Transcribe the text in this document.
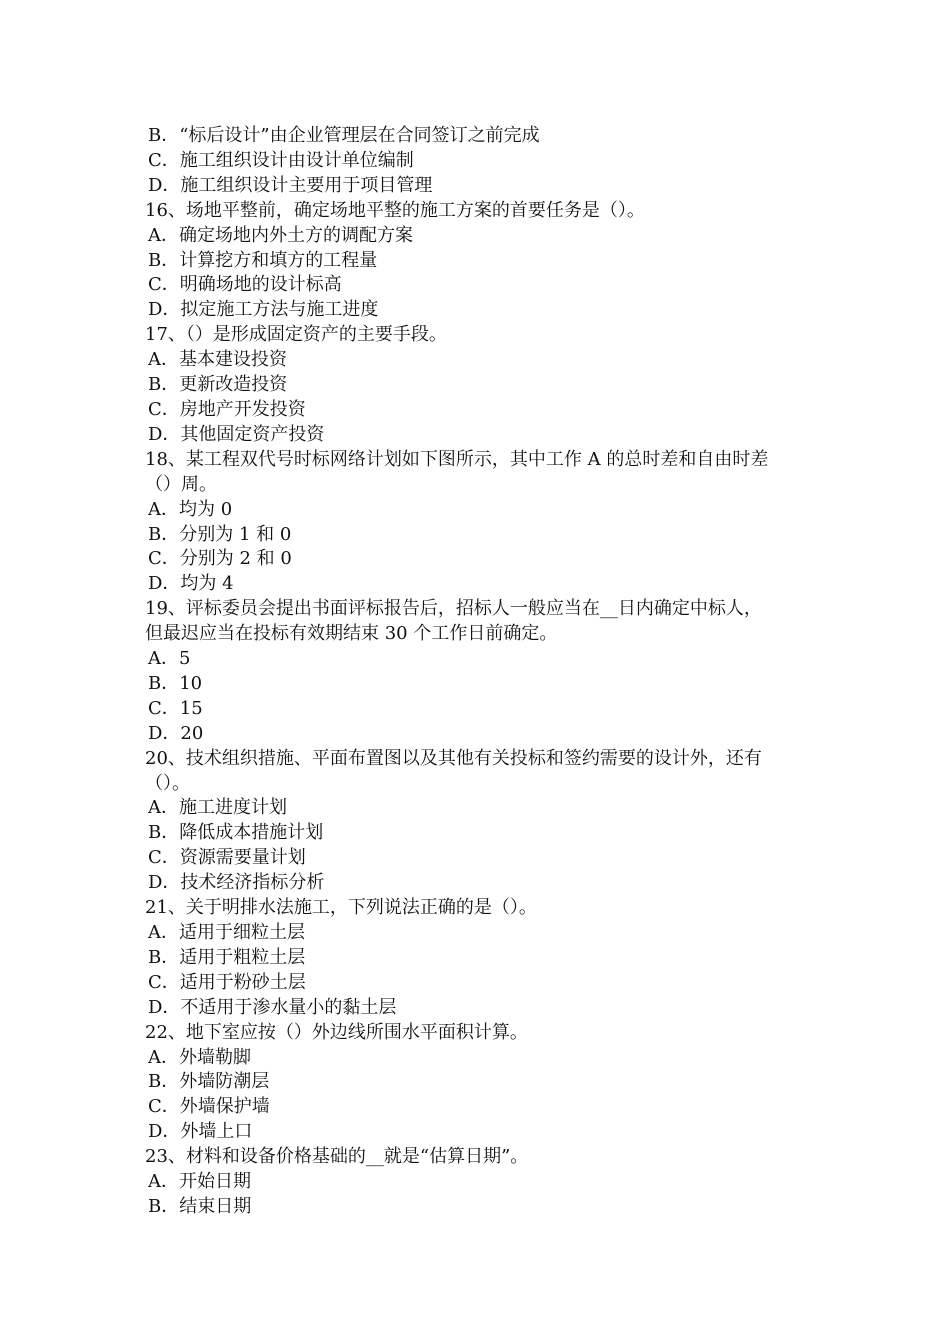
B．“标后设计”由企业管理层在合同签订之前完成

C．施工组织设计由设计单位编制

D．施工组织设计主要用于项目管理

16、场地平整前，确定场地平整的施工方案的首要任务是（）。

A．确定场地内外土方的调配方案

B．计算挖方和填方的工程量

C．明确场地的设计标高

D．拟定施工方法与施工进度

17、（）是形成固定资产的主要手段。

A．基本建设投资

B．更新改造投资

C．房地产开发投资

D．其他固定资产投资

18、某工程双代号时标网络计划如下图所示，其中工作 A 的总时差和自由时差

（）周。

A．均为 0

B．分别为 1 和 0

C．分别为 2 和 0

D．均为 4

19、评标委员会提出书面评标报告后，招标人一般应当在__日内确定中标人，

但最迟应当在投标有效期结束 30 个工作日前确定。

A．5

B．10

C．15

D．20

20、技术组织措施、平面布置图以及其他有关投标和签约需要的设计外，还有

（）。

A．施工进度计划

B．降低成本措施计划

C．资源需要量计划

D．技术经济指标分析

21、关于明排水法施工，下列说法正确的是（）。

A．适用于细粒土层

B．适用于粗粒土层

C．适用于粉砂土层

D．不适用于渗水量小的黏土层

22、地下室应按（）外边线所围水平面积计算。

A．外墙勒脚

B．外墙防潮层

C．外墙保护墙

D．外墙上口

23、材料和设备价格基础的__就是“估算日期”。

A．开始日期

B．结束日期
